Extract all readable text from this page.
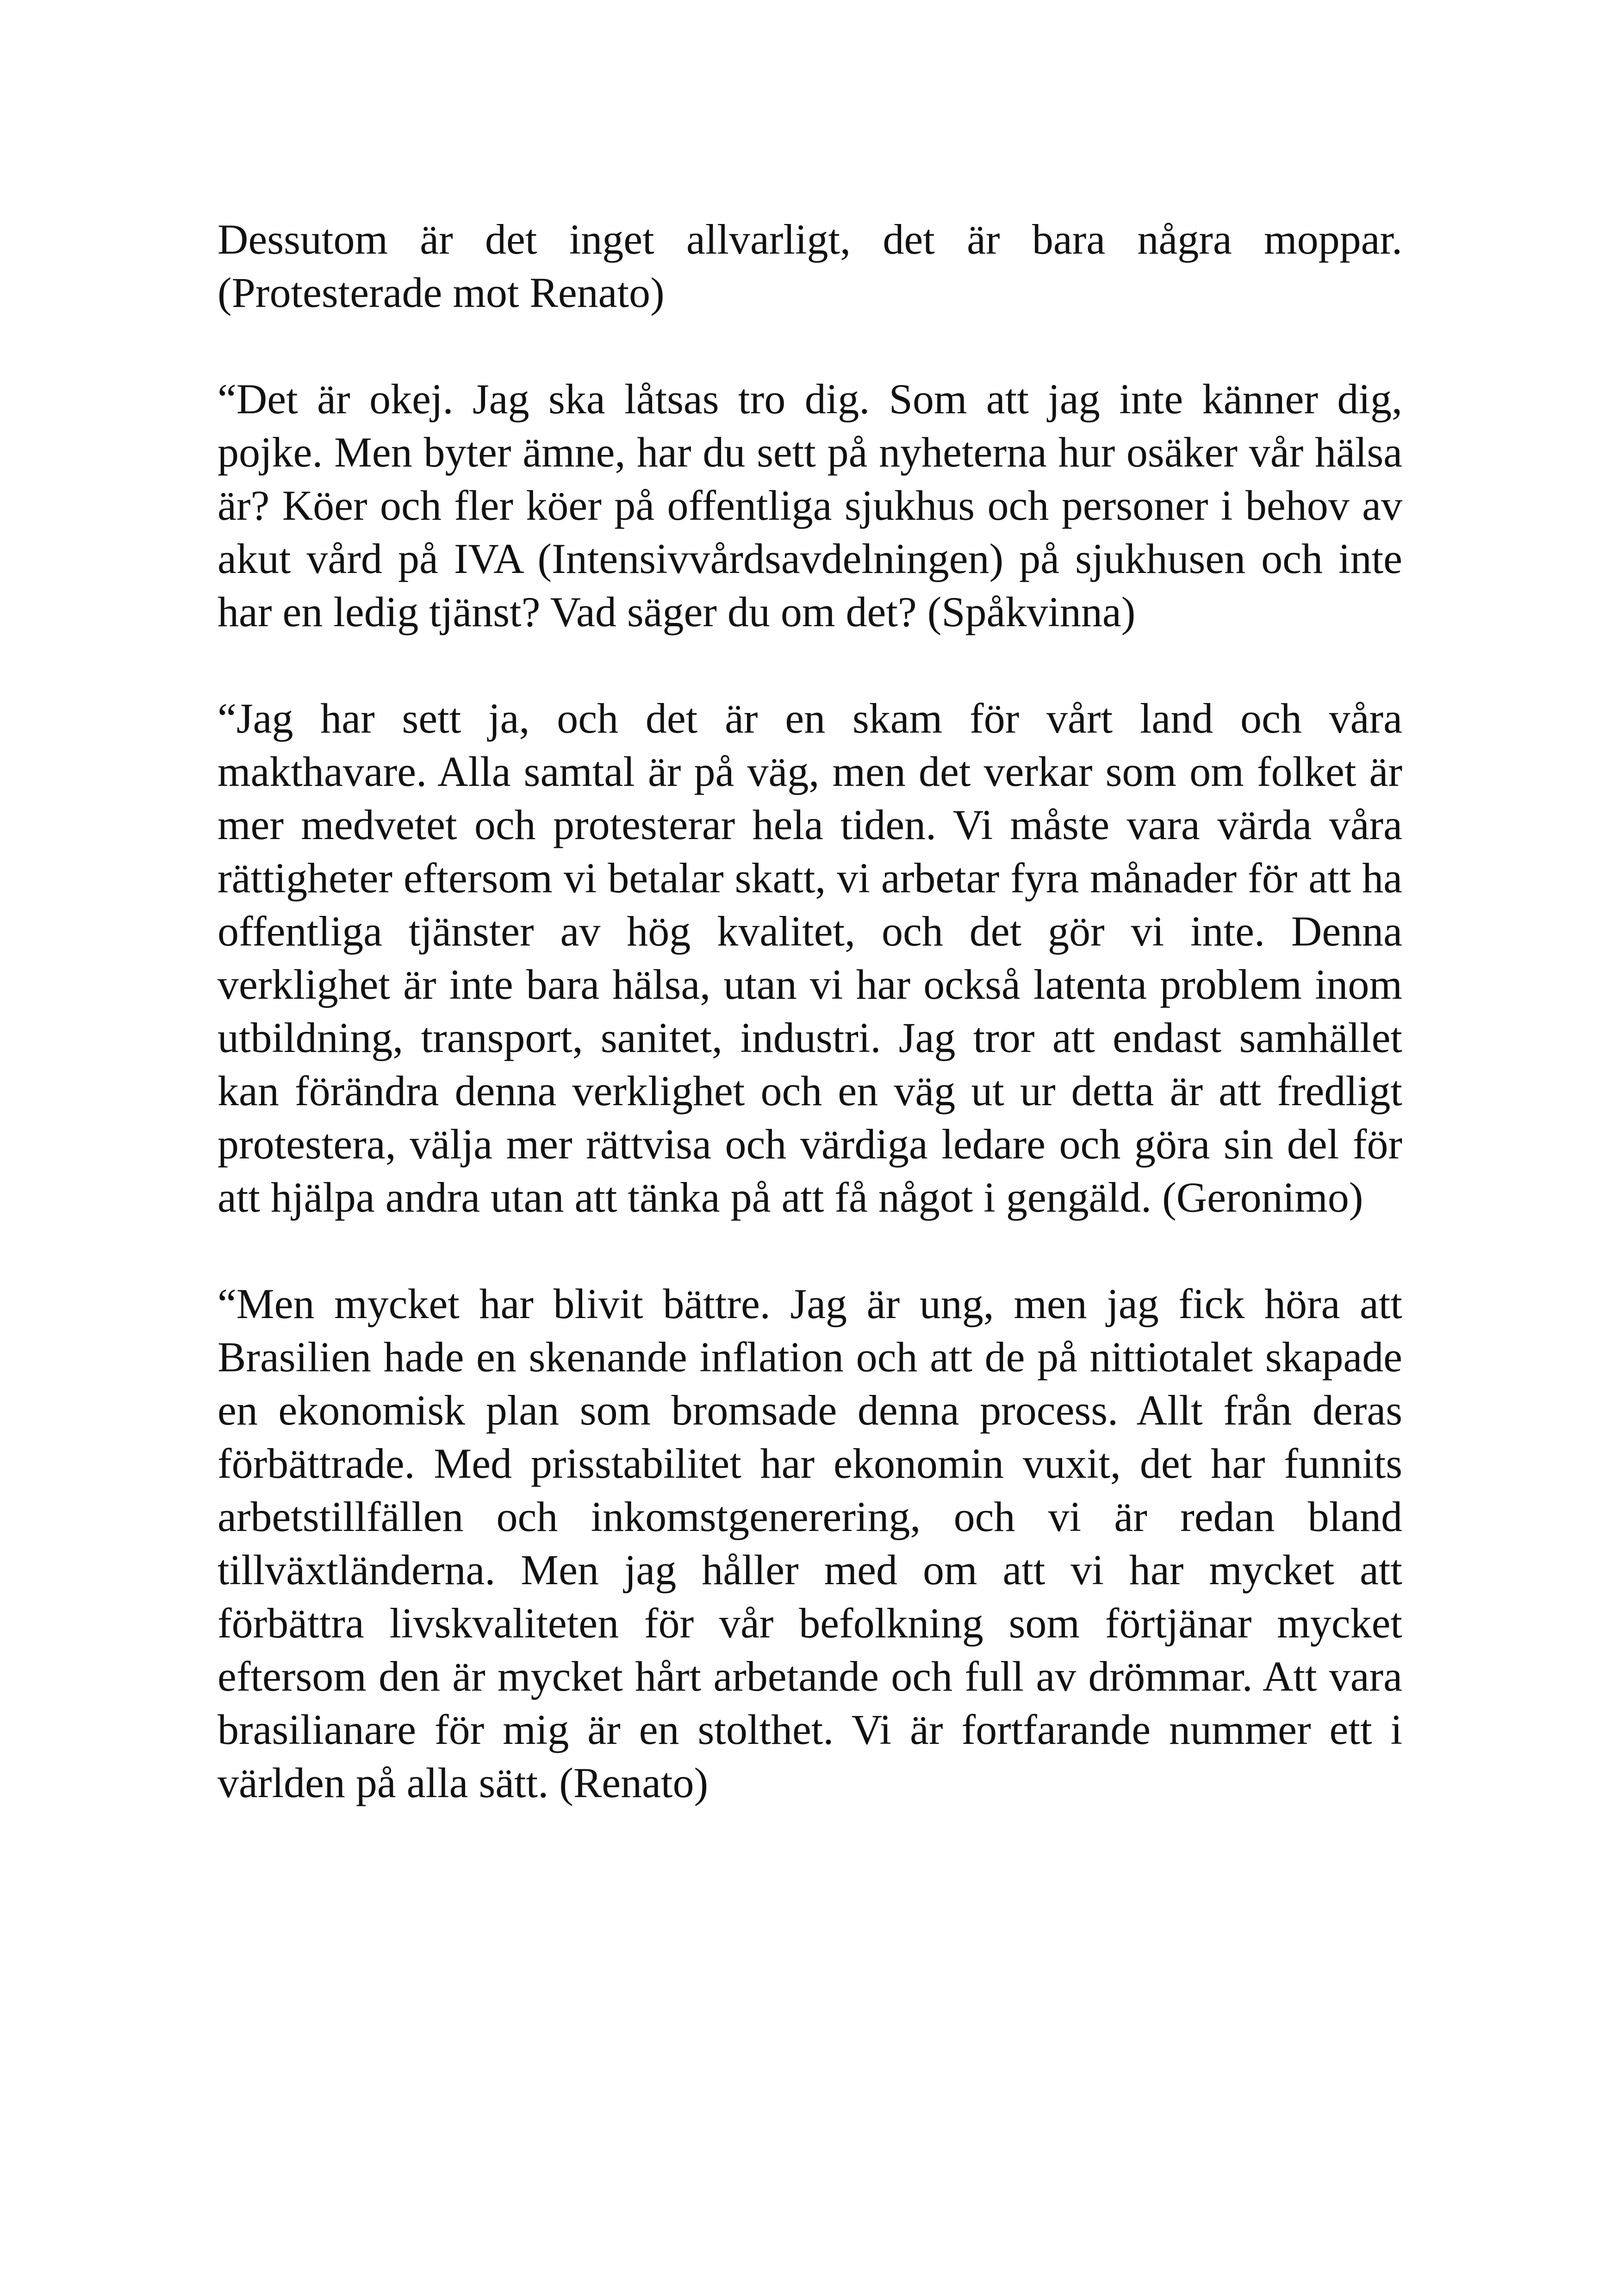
Dessutom är det inget allvarligt, det är bara några moppar. (Protesterade mot Renato)

“Det är okej. Jag ska låtsas tro dig. Som att jag inte känner dig, pojke. Men byter ämne, har du sett på nyheterna hur osäker vår hälsa är? Köer och fler köer på offentliga sjukhus och personer i behov av akut vård på IVA (Intensivvårdsavdelningen) på sjukhusen och inte har en ledig tjänst? Vad säger du om det? (Spåkvinna)

“Jag har sett ja, och det är en skam för vårt land och våra makthavare. Alla samtal är på väg, men det verkar som om folket är mer medvetet och protesterar hela tiden. Vi måste vara värda våra rättigheter eftersom vi betalar skatt, vi arbetar fyra månader för att ha offentliga tjänster av hög kvalitet, och det gör vi inte. Denna verklighet är inte bara hälsa, utan vi har också latenta problem inom utbildning, transport, sanitet, industri. Jag tror att endast samhället kan förändra denna verklighet och en väg ut ur detta är att fredligt protestera, välja mer rättvisa och värdiga ledare och göra sin del för att hjälpa andra utan att tänka på att få något i gengäld. (Geronimo)

“Men mycket har blivit bättre. Jag är ung, men jag fick höra att Brasilien hade en skenande inflation och att de på nittiotalet skapade en ekonomisk plan som bromsade denna process. Allt från deras förbättrade. Med prisstabilitet har ekonomin vuxit, det har funnits arbetstillfällen och inkomstgenerering, och vi är redan bland tillväxtländerna. Men jag håller med om att vi har mycket att förbättra livskvaliteten för vår befolkning som förtjänar mycket eftersom den är mycket hårt arbetande och full av drömmar. Att vara brasilianare för mig är en stolthet. Vi är fortfarande nummer ett i världen på alla sätt. (Renato)
